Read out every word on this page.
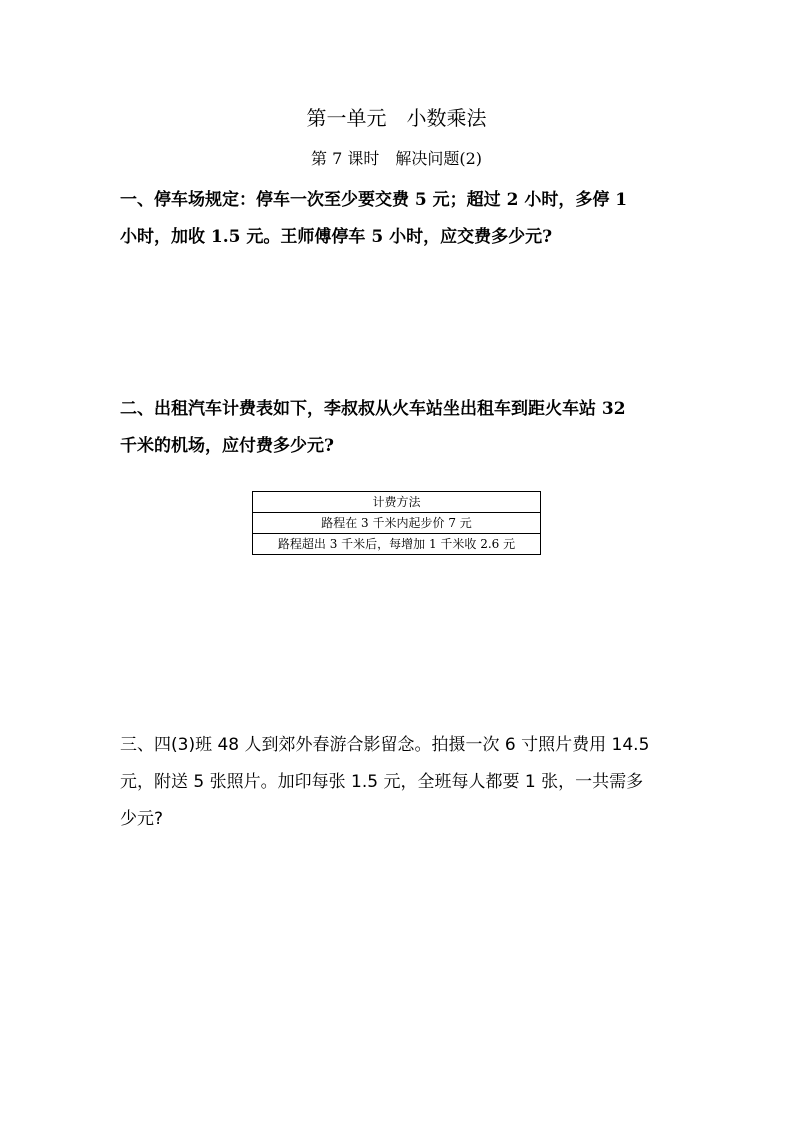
第一单元　小数乘法
第 7 课时　解决问题(2)
一、停车场规定：停车一次至少要交费 5 元；超过 2 小时，多停 1
小时，加收 1.5 元。王师傅停车 5 小时，应交费多少元?
二、出租汽车计费表如下，李叔叔从火车站坐出租车到距火车站 32
千米的机场，应付费多少元?
计费方法
路程在 3 千米内起步价 7 元
路程超出 3 千米后，每增加 1 千米收 2.6 元
三、四(3)班 48 人到郊外春游合影留念。拍摄一次 6 寸照片费用 14.5
元，附送 5 张照片。加印每张 1.5 元，全班每人都要 1 张，一共需多
少元?
